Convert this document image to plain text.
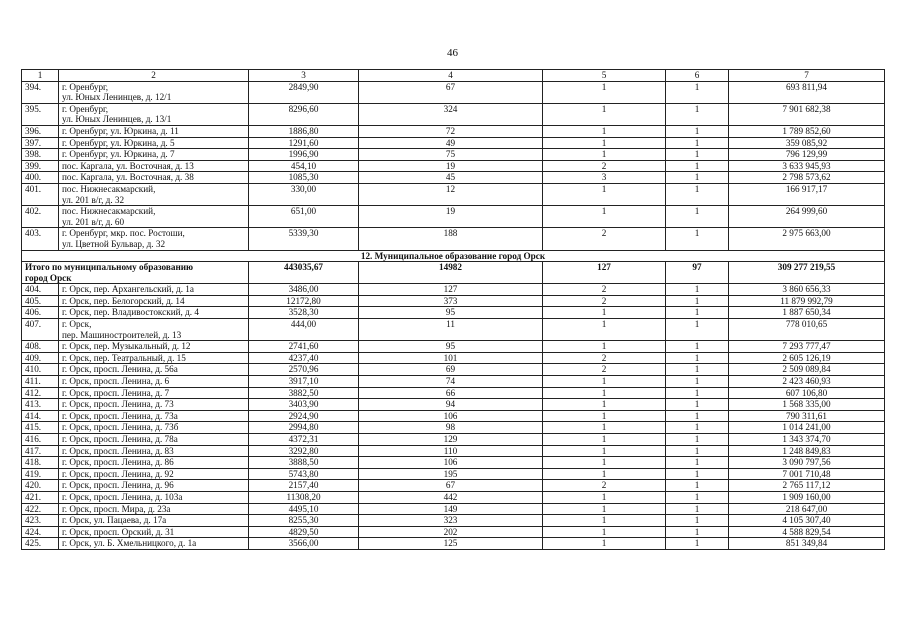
46
1	2	3	4	5	6	7
394.	г. Оренбург,
ул. Юных Ленинцев, д. 12/1	2849,90	67	1	1	693 811,94
395.	г. Оренбург,
ул. Юных Ленинцев, д. 13/1	8296,60	324	1	1	7 901 682,38
396.	г. Оренбург, ул. Юркина, д. 11	1886,80	72	1	1	1 789 852,60
397.	г. Оренбург, ул. Юркина, д. 5	1291,60	49	1	1	359 085,92
398.	г. Оренбург, ул. Юркина, д. 7	1996,90	75	1	1	796 129,99
399.	пос. Каргала, ул. Восточная, д. 13	454,10	19	2	1	3 633 945,93
400.	пос. Каргала, ул. Восточная, д. 38	1085,30	45	3	1	2 798 573,62
401.	пос. Нижнесакмарский,
ул. 201 в/г, д. 32	330,00	12	1	1	166 917,17
402.	пос. Нижнесакмарский,
ул. 201 в/г, д. 60	651,00	19	1	1	264 999,60
403.	г. Оренбург, мкр. пос. Ростоши,
ул. Цветной Бульвар, д. 32	5339,30	188	2	1	2 975 663,00
12. Муниципальное образование город Орск						

Итого по муниципальному образованию
город Орск		443035,67	14982	127	97	309 277 219,55
404.	г. Орск, пер. Архангельский, д. 1а	3486,00	127	2	1	3 860 656,33
405.	г. Орск, пер. Белогорский, д. 14	12172,80	373	2	1	11 879 992,79
406.	г. Орск, пер. Владивостокский, д. 4	3528,30	95	1	1	1 887 650,34
407.	г. Орск,
пер. Машиностроителей, д. 13	444,00	11	1	1	778 010,65
408.	г. Орск, пер. Музыкальный, д. 12	2741,60	95	1	1	7 293 777,47
409.	г. Орск, пер. Театральный, д. 15	4237,40	101	2	1	2 605 126,19
410.	г. Орск, просп. Ленина, д. 56а	2570,96	69	2	1	2 509 089,84
411.	г. Орск, просп. Ленина, д. 6	3917,10	74	1	1	2 423 460,93
412.	г. Орск, просп. Ленина, д. 7	3882,50	66	1	1	607 106,80
413.	г. Орск, просп. Ленина, д. 73	3403,90	94	1	1	1 568 335,00
414.	г. Орск, просп. Ленина, д. 73а	2924,90	106	1	1	790 311,61
415.	г. Орск, просп. Ленина, д. 73б	2994,80	98	1	1	1 014 241,00
416.	г. Орск, просп. Ленина, д. 78а	4372,31	129	1	1	1 343 374,70
417.	г. Орск, просп. Ленина, д. 83	3292,80	110	1	1	1 248 849,83
418.	г. Орск, просп. Ленина, д. 86	3888,50	106	1	1	3 090 797,56
419.	г. Орск, просп. Ленина, д. 92	5743,80	195	1	1	7 001 710,48
420.	г. Орск, просп. Ленина, д. 96	2157,40	67	2	1	2 765 117,12
421.	г. Орск, просп. Ленина, д. 103а	11308,20	442	1	1	1 909 160,00
422.	г. Орск, просп. Мира, д. 23а	4495,10	149	1	1	218 647,00
423.	г. Орск, ул. Пацаева, д. 17а	8255,30	323	1	1	4 105 307,40
424.	г. Орск, просп. Орский, д. 31	4829,50	202	1	1	4 588 829,54
425.	г. Орск, ул. Б. Хмельницкого, д. 1а	3566,00	125	1	1	851 349,84
